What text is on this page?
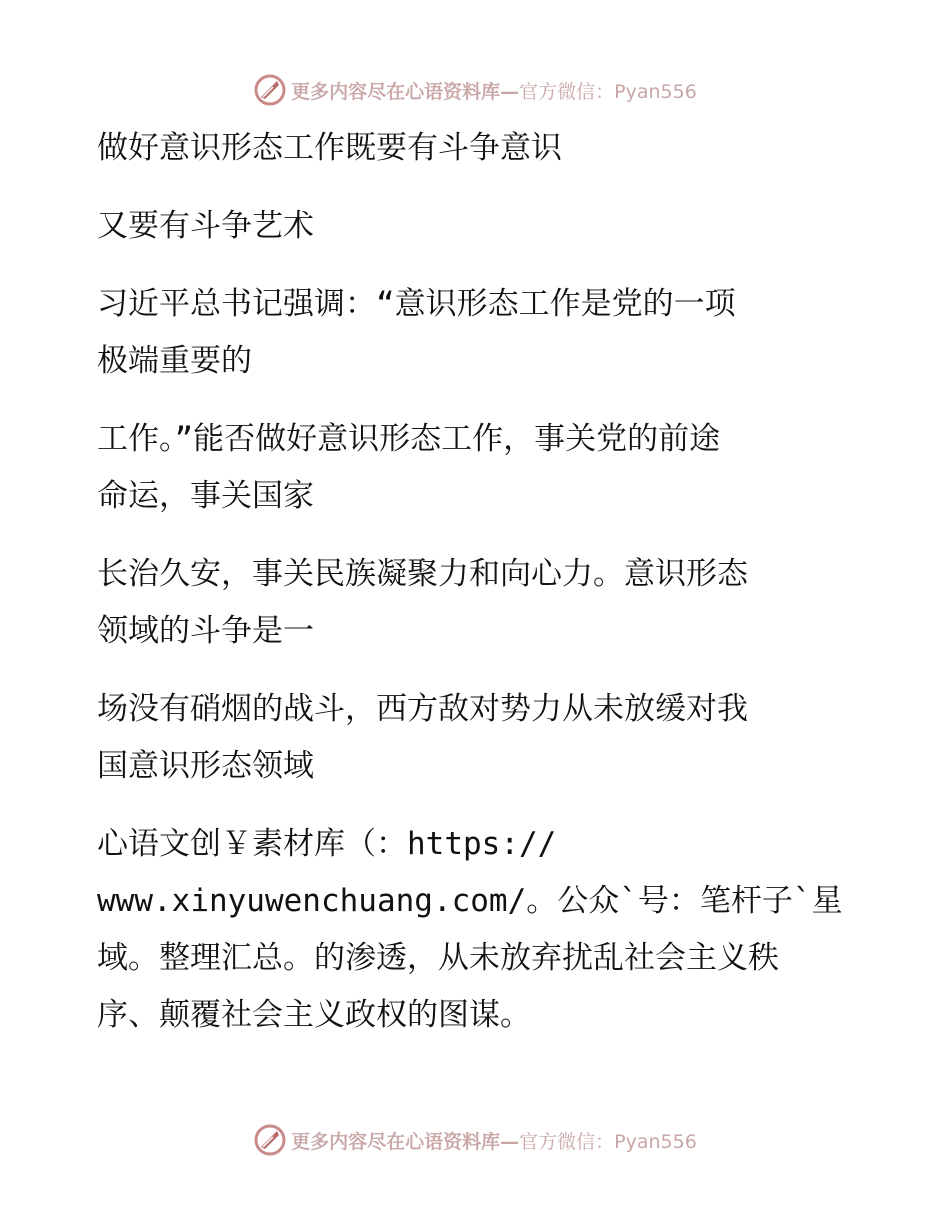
更多内容尽在心语资料库— 官方微信：Pyan556
做好意识形态工作既要有斗争意识
又要有斗争艺术
习近平总书记强调：“意识形态工作是党的一项
极端重要的
工作。”能否做好意识形态工作，事关党的前途
命运，事关国家
长治久安，事关民族凝聚力和向心力。意识形态
领域的斗争是一
场没有硝烟的战斗，西方敌对势力从未放缓对我
国意识形态领域
心语文创￥素材库（：https://
www.xinyuwenchuang.com/。公众`号：笔杆子`星
域。整理汇总。的渗透，从未放弃扰乱社会主义秩
序、颠覆社会主义政权的图谋。
更多内容尽在心语资料库— 官方微信：Pyan556
